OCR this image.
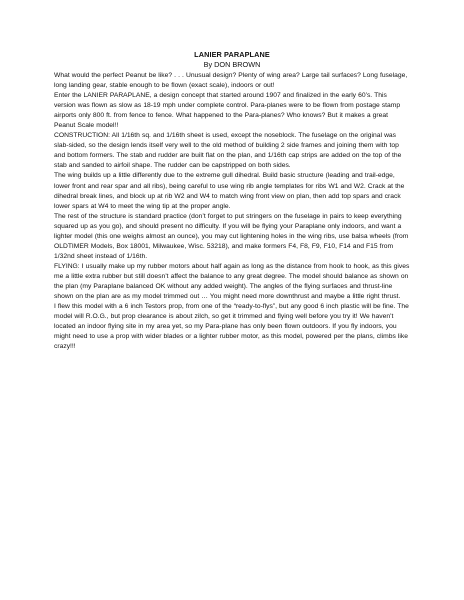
LANIER PARAPLANE

By DON BROWN

What would the perfect Peanut be like? . . . Unusual design? Plenty of wing area? Large tail surfaces? Long fuselage, long landing gear, stable enough to be flown (exact scale), indoors or out!

Enter the LANIER PARAPLANE, a design concept that started around 1907 and finalized in the early 60’s. This version was flown as slow as 18-19 mph under complete control. Para-planes were to be flown from postage stamp airports only 800 ft. from fence to fence. What happened to the Para-planes? Who knows? But it makes a great Peanut Scale model!!

CONSTRUCTION: All 1/16th sq. and 1/16th sheet is used, except the noseblock. The fuselage on the original was slab-sided, so the design lends itself very well to the old method of building 2 side frames and joining them with top and bottom formers. The stab and rudder are built flat on the plan, and 1/16th cap strips are added on the top of the stab and sanded to airfoil shape. The rudder can be capstripped on both sides.

The wing builds up a little differently due to the extreme gull dihedral. Build basic structure (leading and trail-edge, lower front and rear spar and all ribs), being careful to use wing rib angle templates for ribs W1 and W2. Crack at the dihedral break lines, and block up at rib W2 and W4 to match wing front view on plan, then add top spars and crack lower spars at W4 to meet the wing tip at the proper angle.

The rest of the structure is standard practice (don’t forget to put stringers on the fuselage in pairs to keep everything squared up as you go), and should present no difficulty. If you will be flying your Paraplane only indoors, and want a lighter model (this one weighs almost an ounce), you may cut lightening holes in the wing ribs, use balsa wheels (from OLDTIMER Models, Box 18001, Milwaukee, Wisc. 53218), and make formers F4, F8, F9, F10, F14 and F15 from 1/32nd sheet instead of 1/16th.

FLYING: I usually make up my rubber motors about half again as long as the distance from hook to hook, as this gives me a little extra rubber but still doesn’t affect the balance to any great degree. The model should balance as shown on the plan (my Paraplane balanced OK without any added weight). The angles of the flying surfaces and thrust-line shown on the plan are as my model trimmed out … You might need more downthrust and maybe a little right thrust.

I flew this model with a 6 inch Testors prop, from one of the “ready-to-flys”, but any good 6 inch plastic will be fine. The model will R.O.G., but prop clearance is about zilch, so get it trimmed and flying well before you try it! We haven’t located an indoor flying site in my area yet, so my Para-plane has only been flown outdoors. If you fly indoors, you might need to use a prop with wider blades or a lighter rubber motor, as this model, powered per the plans, climbs like crazy!!!
